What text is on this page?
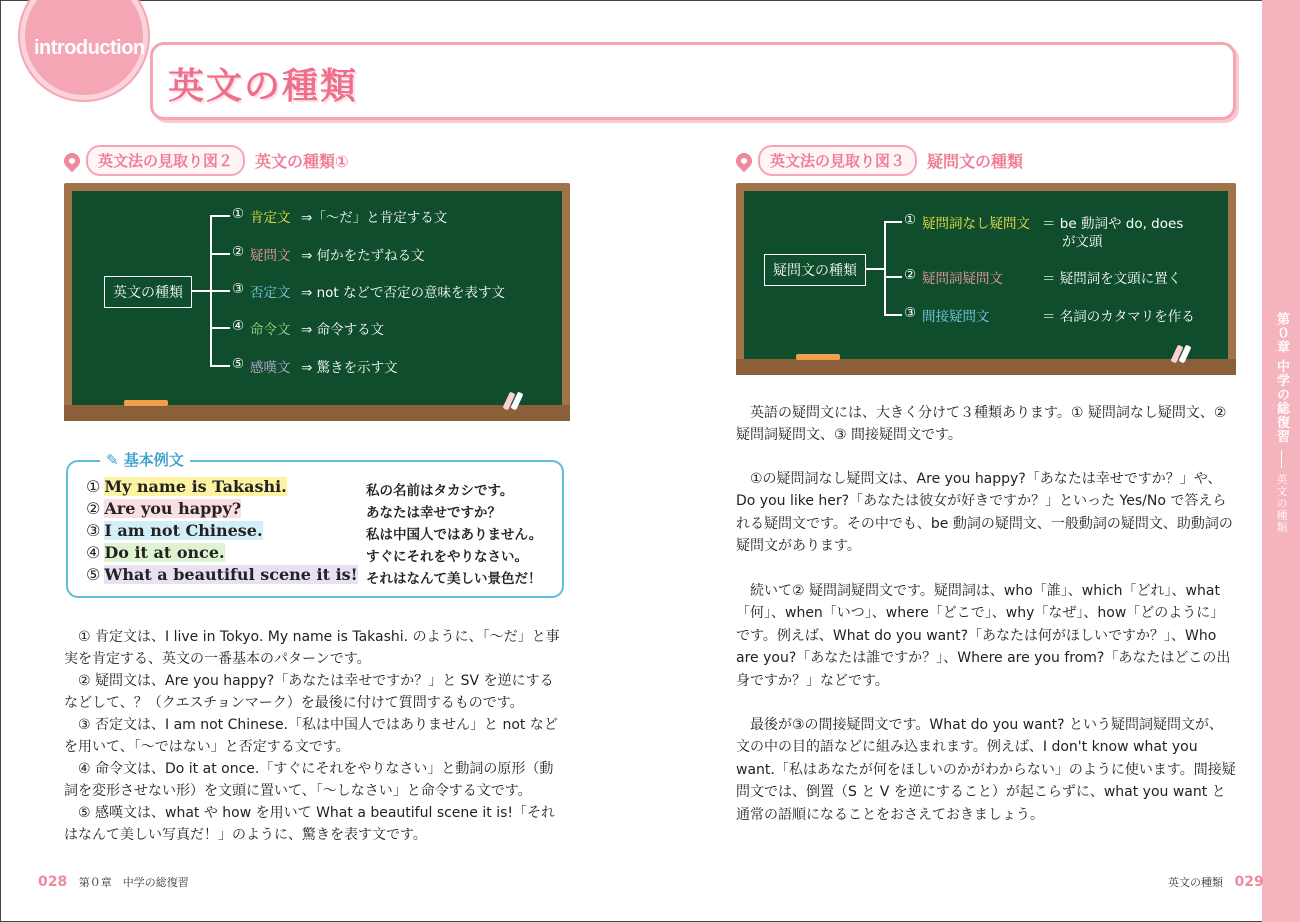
introduction
英文の種類
第０章 中学の総復習英文の種類
英文法の見取り図２	英文の種類①
英文の種類
① 肯定文 ⇒「〜だ」と肯定する文
② 疑問文 ⇒ 何かをたずねる文
③ 否定文 ⇒ not などで否定の意味を表す文
④ 命令文 ⇒ 命令する文
⑤ 感嘆文 ⇒ 驚きを示す文
✎ 基本例文
① My name is Takashi.	私の名前はタカシです。
② Are you happy?	あなたは幸せですか？
③ I am not Chinese.	私は中国人ではありません。
④ Do it at once.	すぐにそれをやりなさい。
⑤ What a beautiful scene it is! それはなんて美しい景色だ！
① 肯定文は、I live in Tokyo. My name is Takashi. のように、「〜だ」と事実を肯定する、英文の一番基本のパターンです。
② 疑問文は、Are you happy?「あなたは幸せですか？」と SV を逆にするなどして、？（クエスチョンマーク）を最後に付けて質問するものです。
③ 否定文は、I am not Chinese.「私は中国人ではありません」と not などを用いて、「〜ではない」と否定する文です。
④ 命令文は、Do it at once.「すぐにそれをやりなさい」と動詞の原形（動詞を変形させない形）を文頭に置いて、「〜しなさい」と命令する文です。
⑤ 感嘆文は、what や how を用いて What a beautiful scene it is!「それはなんて美しい写真だ！」のように、驚きを表す文です。
028 第０章　中学の総復習
英文法の見取り図３	疑問文の種類
疑問文の種類
① 疑問詞なし疑問文 ＝ be 動詞や do, does
が文頭
② 疑問詞疑問文	＝ 疑問詞を文頭に置く
③ 間接疑問文	＝ 名詞のカタマリを作る
英語の疑問文には、大きく分けて３種類あります。① 疑問詞なし疑問文、② 疑問詞疑問文、③ 間接疑問文です。
①の疑問詞なし疑問文は、Are you happy?「あなたは幸せですか？」や、Do you like her?「あなたは彼女が好きですか？」といった Yes/No で答えられる疑問文です。その中でも、be 動詞の疑問文、一般動詞の疑問文、助動詞の疑問文があります。
続いて② 疑問詞疑問文です。疑問詞は、who「誰」、which「どれ」、what「何」、when「いつ」、where「どこで」、why「なぜ」、how「どのように」です。例えば、What do you want?「あなたは何がほしいですか？」、Who are you?「あなたは誰ですか？」、Where are you from?「あなたはどこの出身ですか？」などです。
最後が③の間接疑問文です。What do you want? という疑問詞疑問文が、文の中の目的語などに組み込まれます。例えば、I don't know what you want.「私はあなたが何をほしいのかがわからない」のように使います。間接疑問文では、倒置（S と V を逆にすること）が起こらずに、what you want と通常の語順になることをおさえておきましょう。
英文の種類 029
